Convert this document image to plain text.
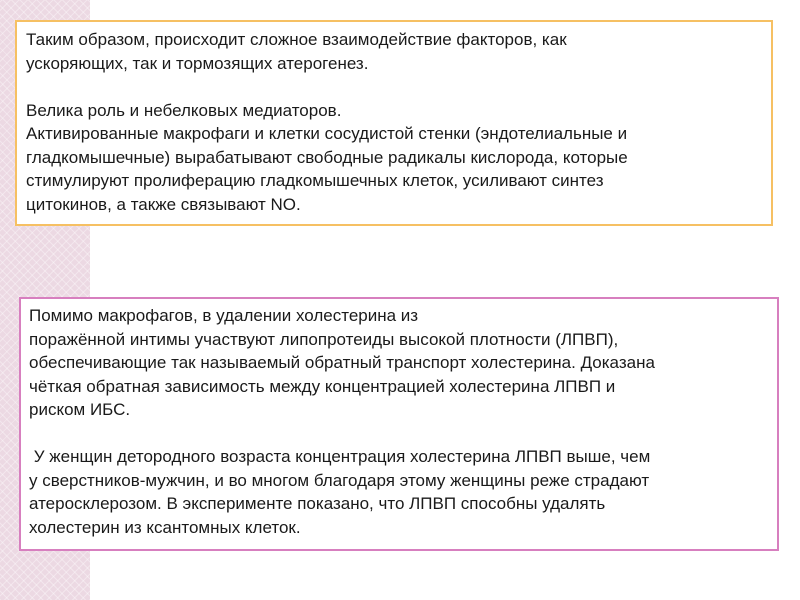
Таким образом, происходит сложное взаимодействие факторов, как
ускоряющих, так и тормозящих атерогенез.

Велика роль и небелковых медиаторов.
Активированные макрофаги и клетки сосудистой стенки (эндотелиальные и
гладкомышечные) вырабатывают свободные радикалы кислорода, которые
стимулируют пролиферацию гладкомышечных клеток, усиливают синтез
цитокинов, а также связывают NO.

Помимо макрофагов, в удалении холестерина из
поражённой интимы участвуют липопротеиды высокой плотности (ЛПВП),
обеспечивающие так называемый обратный транспорт холестерина. Доказана
чёткая обратная зависимость между концентрацией холестерина ЛПВП и
риском ИБС.

У женщин детородного возраста концентрация холестерина ЛПВП выше, чем
у сверстников-мужчин, и во многом благодаря этому женщины реже страдают
атеросклерозом. В эксперименте показано, что ЛПВП способны удалять
холестерин из ксантомных клеток.
